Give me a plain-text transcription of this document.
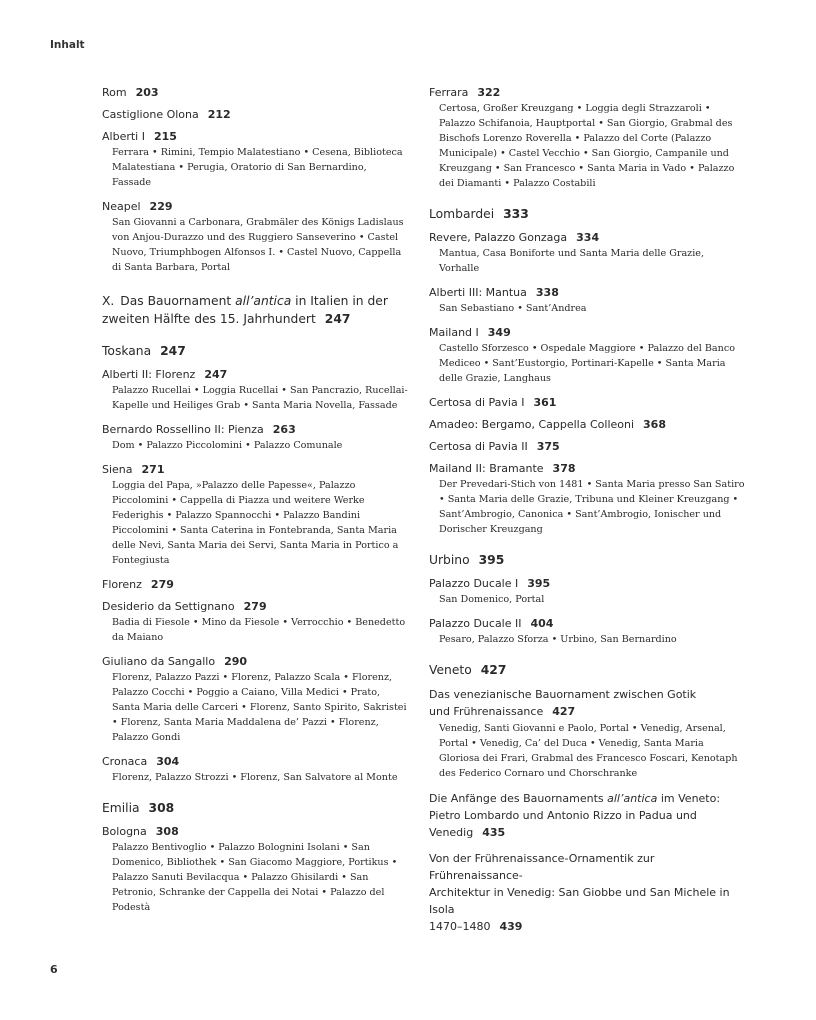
Inhalt
Rom 203
Castiglione Olona 212
Alberti I 215
Ferrara • Rimini, Tempio Malatestiano • Cesena, Biblioteca Malatestiana • Perugia, Oratorio di San Bernardino, Fassade
Neapel 229
San Giovanni a Carbonara, Grabmäler des Königs Ladislaus von Anjou-Durazzo und des Ruggiero Sanseverino • Castel Nuovo, Triumphbogen Alfonsos I. • Castel Nuovo, Cappella di Santa Barbara, Portal
X. Das Bauornament all’antica in Italien in der zweiten Hälfte des 15. Jahrhundert 247
Toskana 247
Alberti II: Florenz 247
Palazzo Rucellai • Loggia Rucellai • San Pancrazio, Rucellai-Kapelle und Heiliges Grab • Santa Maria Novella, Fassade
Bernardo Rossellino II: Pienza 263
Dom • Palazzo Piccolomini • Palazzo Comunale
Siena 271
Loggia del Papa, »Palazzo delle Papesse«, Palazzo Piccolomini • Cappella di Piazza und weitere Werke Federighis • Palazzo Spannocchi • Palazzo Bandini Piccolomini • Santa Caterina in Fontebranda, Santa Maria delle Nevi, Santa Maria dei Servi, Santa Maria in Portico a Fontegiusta
Florenz 279
Desiderio da Settignano 279
Badia di Fiesole • Mino da Fiesole • Verrocchio • Benedetto da Maiano
Giuliano da Sangallo 290
Florenz, Palazzo Pazzi • Florenz, Palazzo Scala • Florenz, Palazzo Cocchi • Poggio a Caiano, Villa Medici • Prato, Santa Maria delle Carceri • Florenz, Santo Spirito, Sakristei • Florenz, Santa Maria Maddalena de’ Pazzi • Florenz, Palazzo Gondi
Cronaca 304
Florenz, Palazzo Strozzi • Florenz, San Salvatore al Monte
Emilia 308
Bologna 308
Palazzo Bentivoglio • Palazzo Bolognini Isolani • San Domenico, Bibliothek • San Giacomo Maggiore, Portikus • Palazzo Sanuti Bevilacqua • Palazzo Ghisilardi • San Petronio, Schranke der Cappella dei Notai • Palazzo del Podestà
Ferrara 322
Certosa, Großer Kreuzgang • Loggia degli Strazzaroli • Palazzo Schifanoia, Hauptportal • San Giorgio, Grabmal des Bischofs Lorenzo Roverella • Palazzo del Corte (Palazzo Municipale) • Castel Vecchio • San Giorgio, Campanile und Kreuzgang • San Francesco • Santa Maria in Vado • Palazzo dei Diamanti • Palazzo Costabili
Lombardei 333
Revere, Palazzo Gonzaga 334
Mantua, Casa Boniforte und Santa Maria delle Grazie, Vorhalle
Alberti III: Mantua 338
San Sebastiano • Sant’Andrea
Mailand I 349
Castello Sforzesco • Ospedale Maggiore • Palazzo del Banco Mediceo • Sant’Eustorgio, Portinari-Kapelle • Santa Maria delle Grazie, Langhaus
Certosa di Pavia I 361
Amadeo: Bergamo, Cappella Colleoni 368
Certosa di Pavia II 375
Mailand II: Bramante 378
Der Prevedari-Stich von 1481 • Santa Maria presso San Satiro • Santa Maria delle Grazie, Tribuna und Kleiner Kreuzgang • Sant’Ambrogio, Canonica • Sant’Ambrogio, Ionischer und Dorischer Kreuzgang
Urbino 395
Palazzo Ducale I 395
San Domenico, Portal
Palazzo Ducale II 404
Pesaro, Palazzo Sforza • Urbino, San Bernardino
Veneto 427
Das venezianische Bauornament zwischen Gotik
und Frührenaissance 427
Venedig, Santi Giovanni e Paolo, Portal • Venedig, Arsenal, Portal • Venedig, Ca’ del Duca • Venedig, Santa Maria Gloriosa dei Frari, Grabmal des Francesco Foscari, Kenotaph des Federico Cornaro und Chorschranke
Die Anfänge des Bauornaments all’antica im Veneto:
Pietro Lombardo und Antonio Rizzo in Padua und Venedig 435
Von der Frührenaissance-Ornamentik zur Frührenaissance-
Architektur in Venedig: San Giobbe und San Michele in Isola
1470–1480 439
6
